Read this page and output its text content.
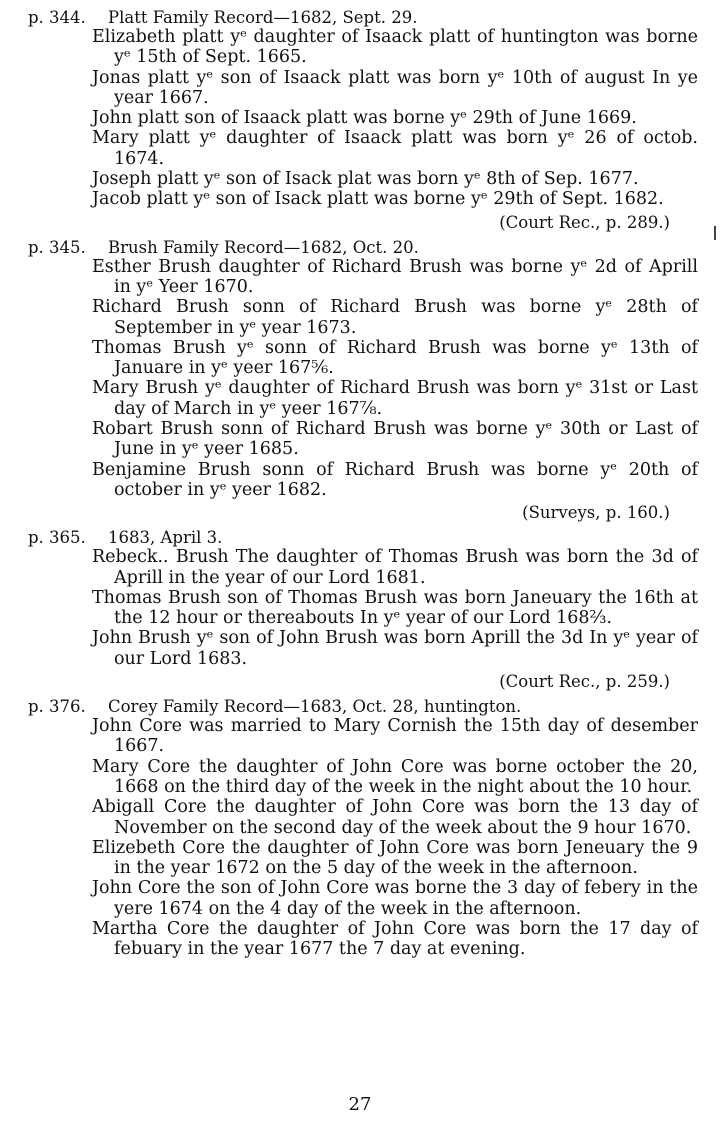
p. 344. Platt Family Record—1682, Sept. 29.

Elizabeth platt yᵉ daughter of Isaack platt of huntington was borne yᵉ 15th of Sept. 1665.

Jonas platt yᵉ son of Isaack platt was born yᵉ 10th of august In ye year 1667.

John platt son of Isaack platt was borne yᵉ 29th of June 1669.

Mary platt yᵉ daughter of Isaack platt was born yᵉ 26 of octob. 1674.

Joseph platt yᵉ son of Isack plat was born yᵉ 8th of Sep. 1677.

Jacob platt yᵉ son of Isack platt was borne yᵉ 29th of Sept. 1682.

(Court Rec., p. 289.)

p. 345. Brush Family Record—1682, Oct. 20.

Esther Brush daughter of Richard Brush was borne yᵉ 2d of Aprill in yᵉ Yeer 1670.

Richard Brush sonn of Richard Brush was borne yᵉ 28th of September in yᵉ year 1673.

Thomas Brush yᵉ sonn of Richard Brush was borne yᵉ 13th of Januare in yᵉ yeer 167⁵⁄₆.

Mary Brush yᵉ daughter of Richard Brush was born yᵉ 31st or Last day of March in yᵉ yeer 167⁷⁄₈.

Robart Brush sonn of Richard Brush was borne yᵉ 30th or Last of June in yᵉ yeer 1685.

Benjamine Brush sonn of Richard Brush was borne yᵉ 20th of october in yᵉ yeer 1682.

(Surveys, p. 160.)

p. 365. 1683, April 3.

Rebeck.. Brush The daughter of Thomas Brush was born the 3d of Aprill in the year of our Lord 1681.

Thomas Brush son of Thomas Brush was born Janeuary the 16th at the 12 hour or thereabouts In yᵉ year of our Lord 168²⁄₃.

John Brush yᵉ son of John Brush was born Aprill the 3d In yᵉ year of our Lord 1683.

(Court Rec., p. 259.)

p. 376. Corey Family Record—1683, Oct. 28, huntington.

John Core was married to Mary Cornish the 15th day of desember 1667.

Mary Core the daughter of John Core was borne october the 20, 1668 on the third day of the week in the night about the 10 hour.

Abigall Core the daughter of John Core was born the 13 day of November on the second day of the week about the 9 hour 1670.

Elizebeth Core the daughter of John Core was born Jeneuary the 9 in the year 1672 on the 5 day of the week in the afternoon.

John Core the son of John Core was borne the 3 day of febery in the yere 1674 on the 4 day of the week in the afternoon.

Martha Core the daughter of John Core was born the 17 day of febuary in the year 1677 the 7 day at evening.

27
